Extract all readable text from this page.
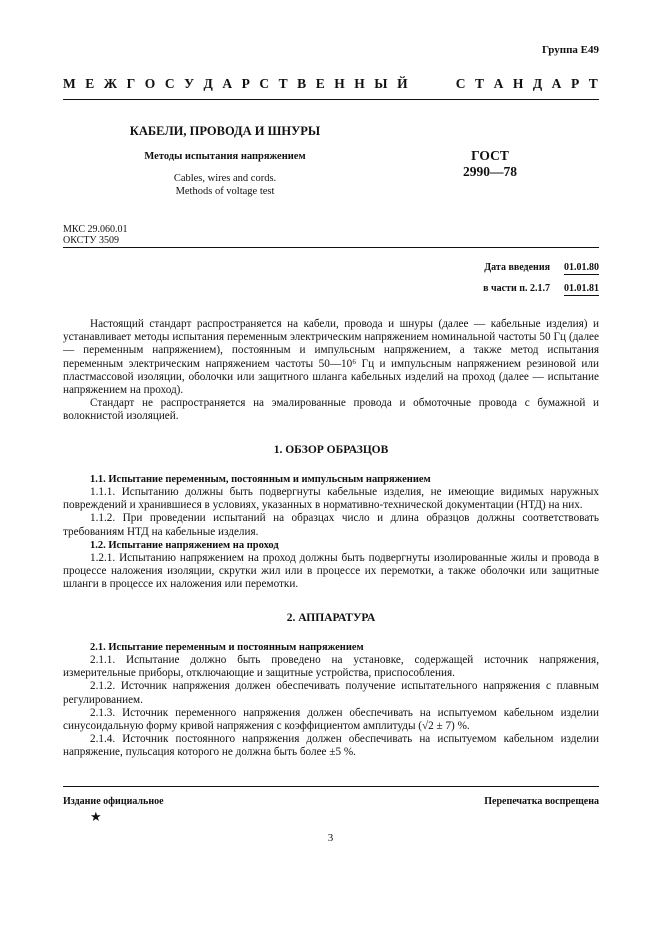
Группа Е49
М Е Ж Г О С У Д А Р С Т В Е Н Н Ы Й

	С Т А Н Д А Р Т
КАБЕЛИ, ПРОВОДА И ШНУРЫ
Методы испытания напряжением
Cables, wires and cords.
Methods of voltage test
ГОСТ
2990—78
МКС 29.060.01
ОКСТУ 3509
Дата введения 01.01.80
в части п. 2.1.7 01.01.81

Настоящий стандарт распространяется на кабели, провода и шнуры (далее — кабельные изделия) и устанавливает методы испытания переменным электрическим напряжением номинальной частоты 50 Гц (далее — переменным напряжением), постоянным и импульсным напряжением, а также метод испытания переменным электрическим напряжением частоты 50—10⁶ Гц и импульсным напряжением резиновой или пластмассовой изоляции, оболочки или защитного шланга кабельных изделий на проход (далее — испытание напряжением на проход).

Стандарт не распространяется на эмалированные провода и обмоточные провода с бумажной и волокнистой изоляцией.

1. ОБЗОР ОБРАЗЦОВ
1.1. Испытание переменным, постоянным и импульсным напряжением

1.1.1. Испытанию должны быть подвергнуты кабельные изделия, не имеющие видимых наружных повреждений и хранившиеся в условиях, указанных в нормативно-технической документации (НТД) на них.

1.1.2. При проведении испытаний на образцах число и длина образцов должны соответствовать требованиям НТД на кабельные изделия.

1.2. Испытание напряжением на проход

1.2.1. Испытанию напряжением на проход должны быть подвергнуты изолированные жилы и провода в процессе наложения изоляции, скрутки жил или в процессе их перемотки, а также оболочки или защитные шланги в процессе их наложения или перемотки.

2. АППАРАТУРА
2.1. Испытание переменным и постоянным напряжением

2.1.1. Испытание должно быть проведено на установке, содержащей источник напряжения, измерительные приборы, отключающие и защитные устройства, приспособления.

2.1.2. Источник напряжения должен обеспечивать получение испытательного напряжения с плавным регулированием.

2.1.3. Источник переменного напряжения должен обеспечивать на испытуемом кабельном изделии синусоидальную форму кривой напряжения с коэффициентом амплитуды (√2 ± 7) %.

2.1.4. Источник постоянного напряжения должен обеспечивать на испытуемом кабельном изделии напряжение, пульсация которого не должна быть более ±5 %.

Издание официальное	Перепечатка воспрещена
★
3
